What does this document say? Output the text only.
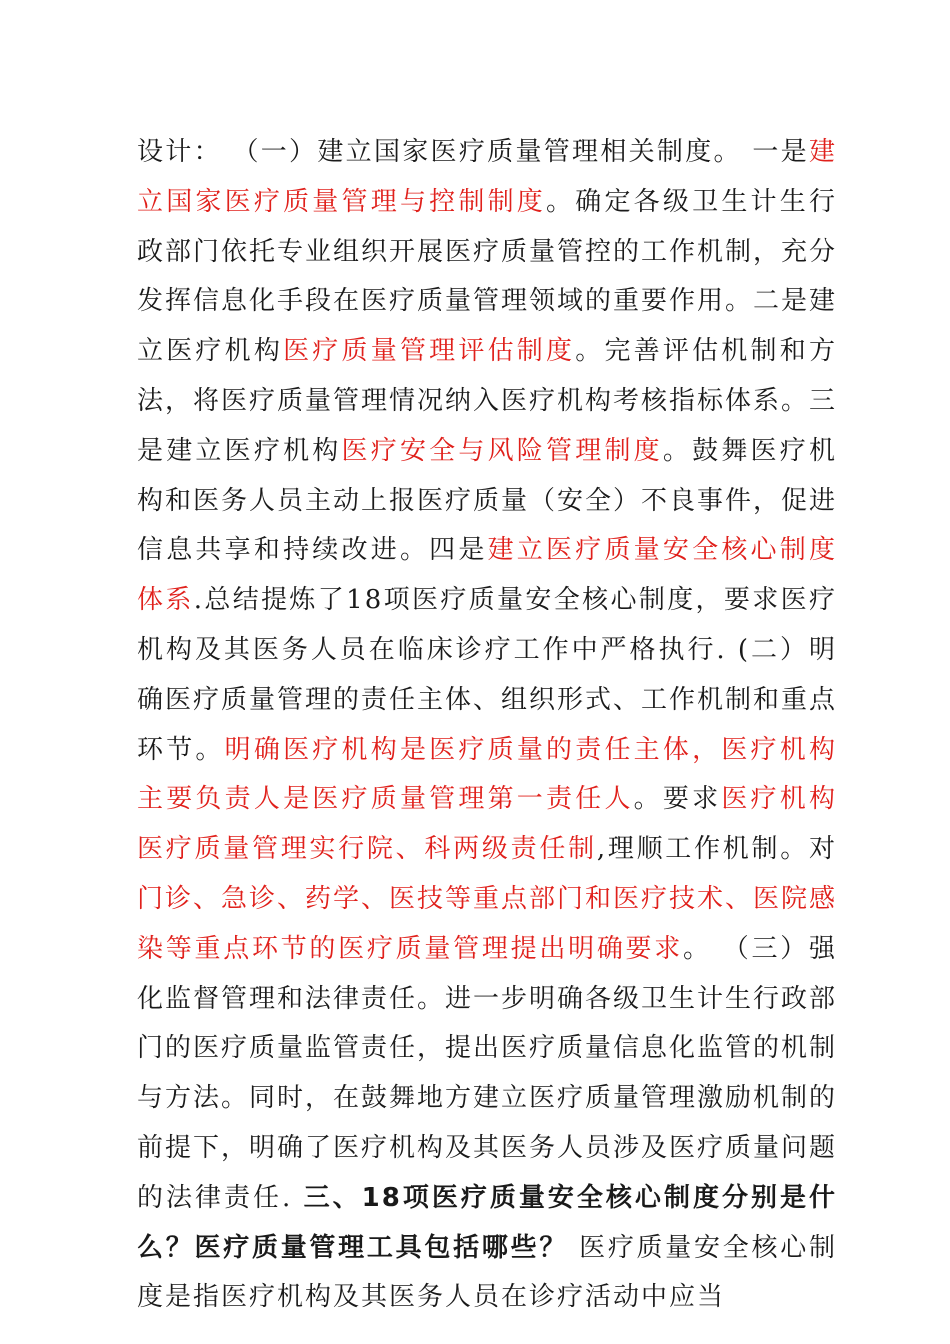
设计： （一）建立国家医疗质量管理相关制度。 一是建立国家医疗质量管理与控制制度。确定各级卫生计生行政部门依托专业组织开展医疗质量管控的工作机制，充分发挥信息化手段在医疗质量管理领域的重要作用。二是建立医疗机构医疗质量管理评估制度。完善评估机制和方法，将医疗质量管理情况纳入医疗机构考核指标体系。三是建立医疗机构医疗安全与风险管理制度。鼓舞医疗机构和医务人员主动上报医疗质量（安全）不良事件，促进信息共享和持续改进。四是建立医疗质量安全核心制度体系.总结提炼了18项医疗质量安全核心制度，要求医疗机构及其医务人员在临床诊疗工作中严格执行. (二）明确医疗质量管理的责任主体、组织形式、工作机制和重点环节。明确医疗机构是医疗质量的责任主体，医疗机构主要负责人是医疗质量管理第一责任人。要求医疗机构医疗质量管理实行院、科两级责任制,理顺工作机制。对门诊、急诊、药学、医技等重点部门和医疗技术、医院感染等重点环节的医疗质量管理提出明确要求。 （三）强化监督管理和法律责任。进一步明确各级卫生计生行政部门的医疗质量监管责任，提出医疗质量信息化监管的机制与方法。同时，在鼓舞地方建立医疗质量管理激励机制的前提下，明确了医疗机构及其医务人员涉及医疗质量问题的法律责任. 三、18项医疗质量安全核心制度分别是什么？医疗质量管理工具包括哪些？ 医疗质量安全核心制度是指医疗机构及其医务人员在诊疗活动中应当
